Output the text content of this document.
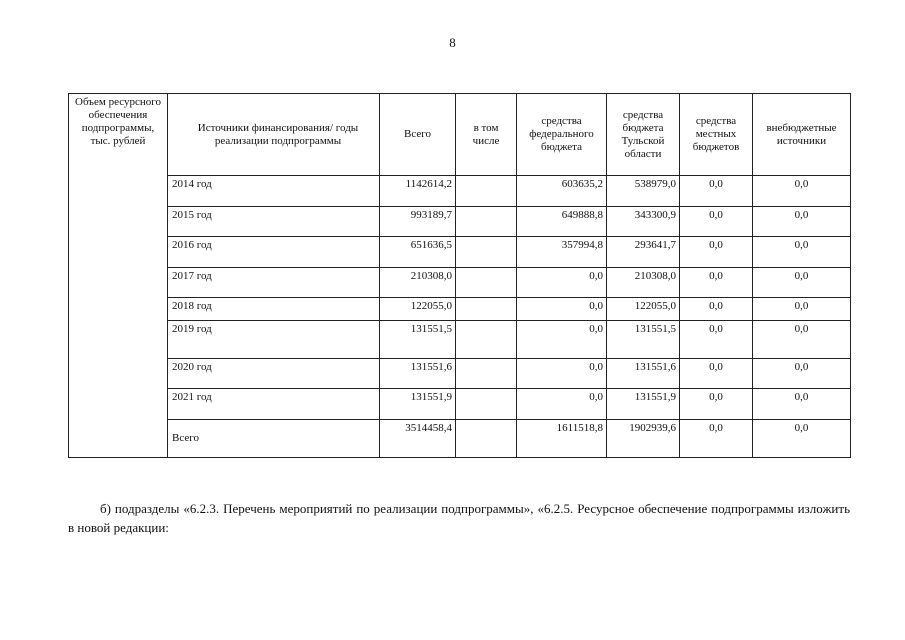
8
Объем ресурсного обеспечения подпрограммы, тыс. рублей	Источники финансирования/ годы реализации подпрограммы	Всего	в том числе	средства федерального бюджета	средства бюджета Тульской области	средства местных бюджетов	внебюджетные источники
	2014 год	1142614,2		603635,2	538979,0	0,0	0,0
	2015 год	993189,7		649888,8	343300,9	0,0	0,0
	2016 год	651636,5		357994,8	293641,7	0,0	0,0
	2017 год	210308,0		0,0	210308,0	0,0	0,0
	2018 год	122055,0		0,0	122055,0	0,0	0,0
	2019 год	131551,5		0,0	131551,5	0,0	0,0
	2020 год	131551,6		0,0	131551,6	0,0	0,0
	2021 год	131551,9		0,0	131551,9	0,0	0,0
	Всего	3514458,4		1611518,8	1902939,6	0,0	0,0

б) подразделы «6.2.3. Перечень мероприятий по реализации подпрограммы», «6.2.5. Ресурсное обеспечение подпрограммы изложить в новой редакции:
